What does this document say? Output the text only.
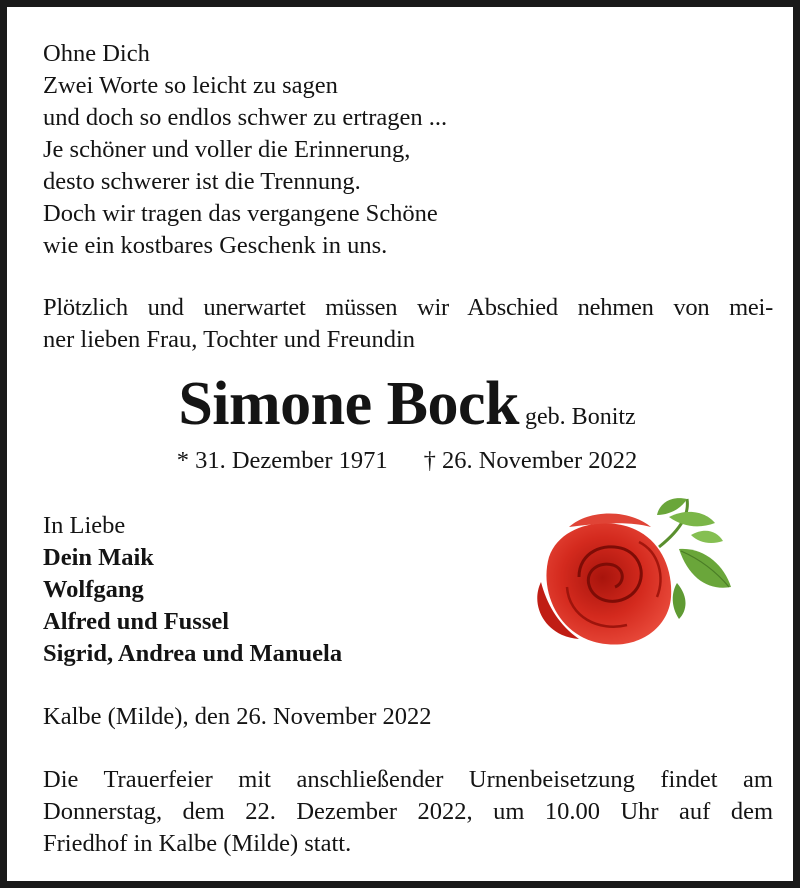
Ohne Dich
Zwei Worte so leicht zu sagen
und doch so endlos schwer zu ertragen ...
Je schöner und voller die Erinnerung,
desto schwerer ist die Trennung.
Doch wir tragen das vergangene Schöne
wie ein kostbares Geschenk in uns.
Plötzlich und unerwartet müssen wir Abschied nehmen von mei-
ner lieben Frau, Tochter und Freundin
Simone Bock geb. Bonitz
* 31. Dezember 1971 † 26. November 2022
In Liebe
Dein Maik
Wolfgang
Alfred und Fussel
Sigrid, Andrea und Manuela
Kalbe (Milde), den 26. November 2022
Die Trauerfeier mit anschließender Urnenbeisetzung findet am
Donnerstag, dem 22. Dezember 2022, um 10.00 Uhr auf dem
Friedhof in Kalbe (Milde) statt.
